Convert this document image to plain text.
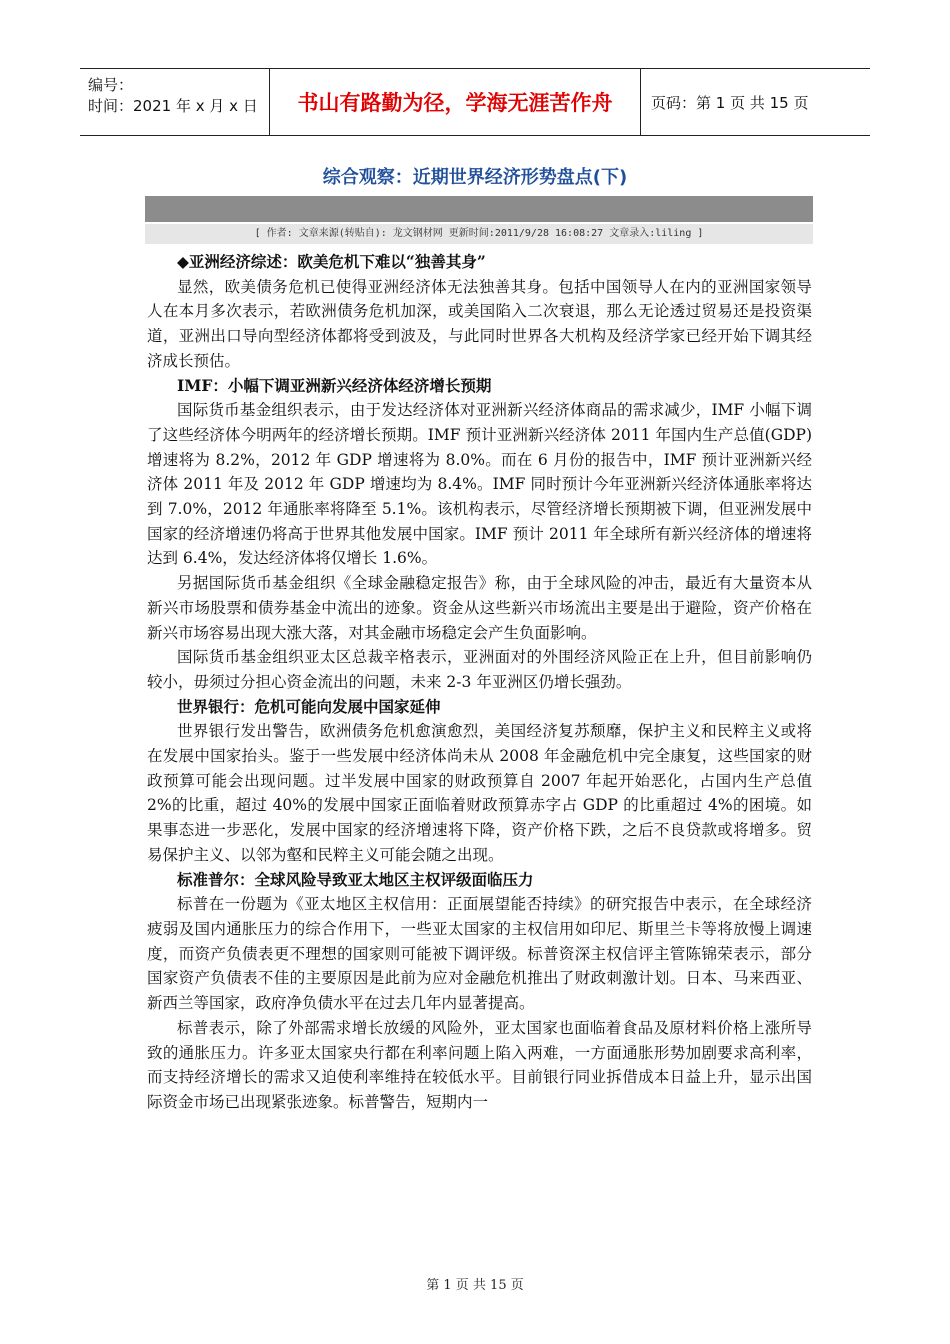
编号：
时间：2021 年 x 月 x 日	书山有路勤为径，学海无涯苦作舟	页码：第 1 页 共 15 页
综合观察：近期世界经济形势盘点(下)
[ 作者: 文章来源(转贴自): 龙文钢材网 更新时间:2011/9/28 16:08:27 文章录入:liling ]

◆亚洲经济综述：欧美危机下难以“独善其身”

显然，欧美债务危机已使得亚洲经济体无法独善其身。包括中国领导人在内的亚洲国家领导人在本月多次表示，若欧洲债务危机加深，或美国陷入二次衰退，那么无论透过贸易还是投资渠道，亚洲出口导向型经济体都将受到波及，与此同时世界各大机构及经济学家已经开始下调其经济成长预估。

IMF：小幅下调亚洲新兴经济体经济增长预期

国际货币基金组织表示，由于发达经济体对亚洲新兴经济体商品的需求减少，IMF 小幅下调了这些经济体今明两年的经济增长预期。IMF 预计亚洲新兴经济体 2011 年国内生产总值(GDP)增速将为 8.2%，2012 年 GDP 增速将为 8.0%。而在 6 月份的报告中，IMF 预计亚洲新兴经济体 2011 年及 2012 年 GDP 增速均为 8.4%。IMF 同时预计今年亚洲新兴经济体通胀率将达到 7.0%，2012 年通胀率将降至 5.1%。该机构表示，尽管经济增长预期被下调，但亚洲发展中国家的经济增速仍将高于世界其他发展中国家。IMF 预计 2011 年全球所有新兴经济体的增速将达到 6.4%，发达经济体将仅增长 1.6%。

另据国际货币基金组织《全球金融稳定报告》称，由于全球风险的冲击，最近有大量资本从新兴市场股票和债券基金中流出的迹象。资金从这些新兴市场流出主要是出于避险，资产价格在新兴市场容易出现大涨大落，对其金融市场稳定会产生负面影响。

国际货币基金组织亚太区总裁辛格表示，亚洲面对的外围经济风险正在上升，但目前影响仍较小，毋须过分担心资金流出的问题，未来 2-3 年亚洲区仍增长强劲。

世界银行：危机可能向发展中国家延伸

世界银行发出警告，欧洲债务危机愈演愈烈，美国经济复苏颓靡，保护主义和民粹主义或将在发展中国家抬头。鉴于一些发展中经济体尚未从 2008 年金融危机中完全康复，这些国家的财政预算可能会出现问题。过半发展中国家的财政预算自 2007 年起开始恶化，占国内生产总值 2%的比重，超过 40%的发展中国家正面临着财政预算赤字占 GDP 的比重超过 4%的困境。如果事态进一步恶化，发展中国家的经济增速将下降，资产价格下跌，之后不良贷款或将增多。贸易保护主义、以邻为壑和民粹主义可能会随之出现。

标准普尔：全球风险导致亚太地区主权评级面临压力

标普在一份题为《亚太地区主权信用：正面展望能否持续》的研究报告中表示，在全球经济疲弱及国内通胀压力的综合作用下，一些亚太国家的主权信用如印尼、斯里兰卡等将放慢上调速度，而资产负债表更不理想的国家则可能被下调评级。标普资深主权信评主管陈锦荣表示，部分国家资产负债表不佳的主要原因是此前为应对金融危机推出了财政刺激计划。日本、马来西亚、新西兰等国家，政府净负债水平在过去几年内显著提高。

标普表示，除了外部需求增长放缓的风险外，亚太国家也面临着食品及原材料价格上涨所导致的通胀压力。许多亚太国家央行都在利率问题上陷入两难，一方面通胀形势加剧要求高利率，而支持经济增长的需求又迫使利率维持在较低水平。目前银行同业拆借成本日益上升，显示出国际资金市场已出现紧张迹象。标普警告，短期内一

第 1 页 共 15 页
